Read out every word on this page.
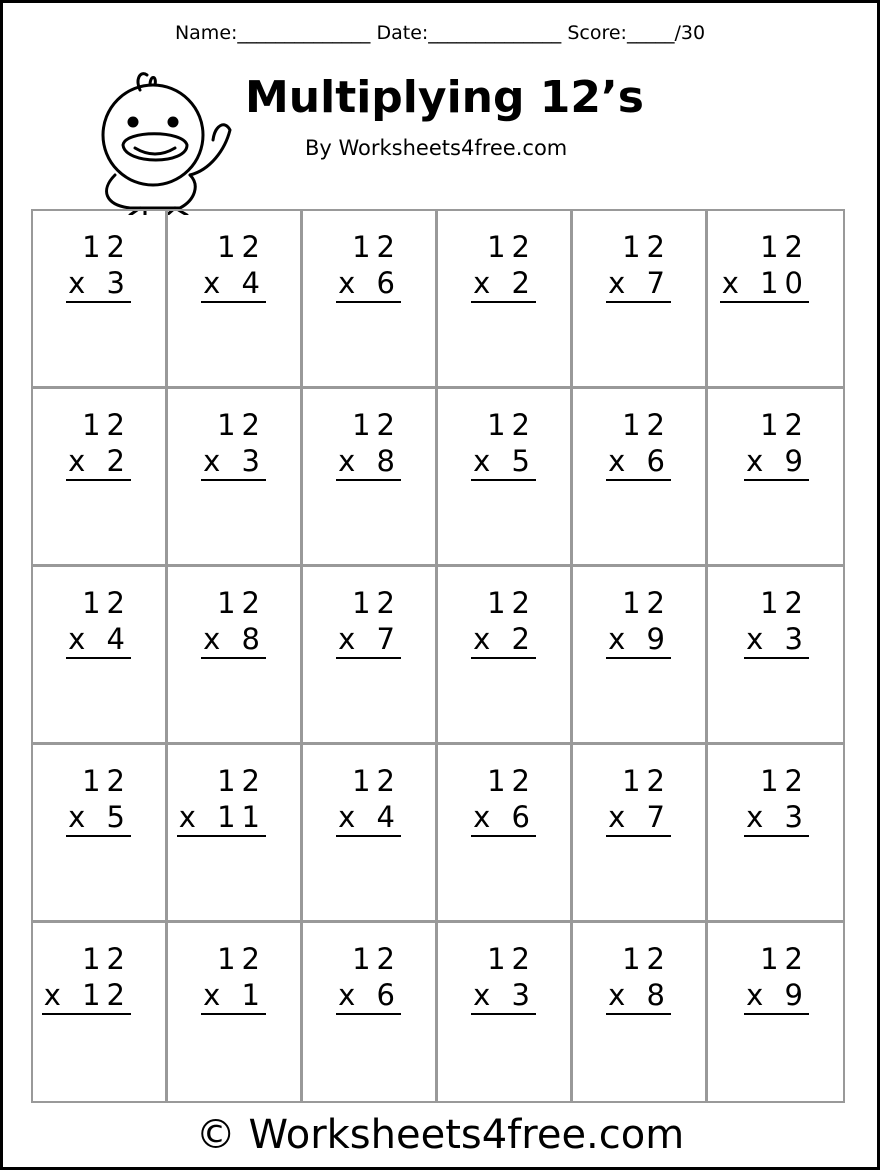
Name:______________ Date:______________ Score:_____/30
Multiplying 12’s
By Worksheets4free.com
12
x 3
12
x 4
12
x 6
12
x 2
12
x 7
12
x 10
12
x 2
12
x 3
12
x 8
12
x 5
12
x 6
12
x 9
12
x 4
12
x 8
12
x 7
12
x 2
12
x 9
12
x 3
12
x 5
12
x 11
12
x 4
12
x 6
12
x 7
12
x 3
12
x 12
12
x 1
12
x 6
12
x 3
12
x 8
12
x 9
© Worksheets4free.com
